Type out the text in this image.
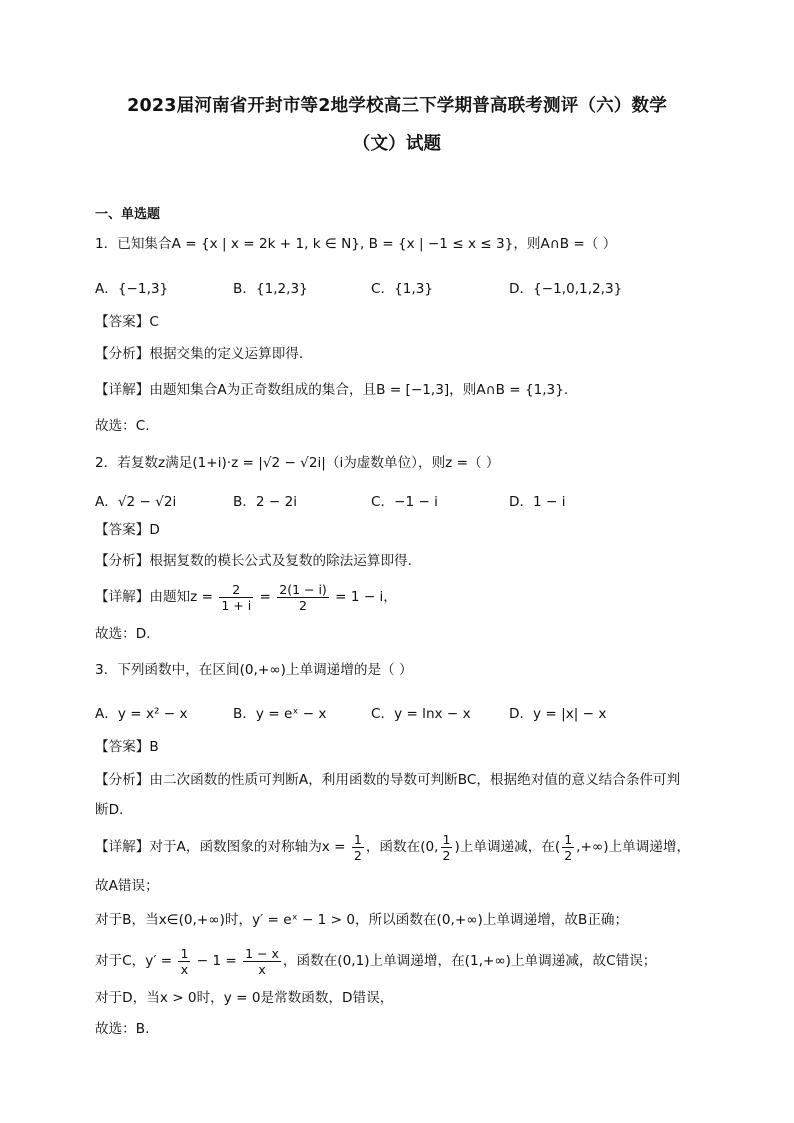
2023届河南省开封市等2地学校高三下学期普高联考测评（六）数学
（文）试题
一、单选题
1．已知集合A = {x | x = 2k + 1, k ∈ N}, B = {x | −1 ≤ x ≤ 3}，则A∩B =（ ）
A．{−1,3}	B．{1,2,3}	C．{1,3}	D．{−1,0,1,2,3}
【答案】C
【分析】根据交集的定义运算即得.
【详解】由题知集合A为正奇数组成的集合，且B = [−1,3]，则A∩B = {1,3}.
故选：C.
2．若复数z满足(1+i)·z = |√2 − √2i|（i为虚数单位），则z =（ ）
A．√2 − √2i	B．2 − 2i	C．−1 − i	D．1 − i
【答案】D
【分析】根据复数的模长公式及复数的除法运算即得.
【详解】由题知$z = \frac{2}{1 + i} = \frac{2(1 - i)}{2} = 1 - i$，
故选：D.
3．下列函数中，在区间(0,+∞)上单调递增的是（ ）
A．y = x² − x	B．y = eˣ − x	C．y = lnx − x	D．y = |x| − x
【答案】B
【分析】由二次函数的性质可判断A，利用函数的导数可判断BC，根据绝对值的意义结合条件可判
断D.
【详解】对于A，函数图象的对称轴为$x = \frac{1}{2}$ ，函数在(0, $\frac{1}{2}$ )上单调递减，在( $\frac{1}{2}$ ,+∞)上单调递增，
故A错误；
对于B，当x∈(0,+∞)时，y′ = eˣ − 1 > 0，所以函数在(0,+∞)上单调递增，故B正确；
对于C，$y' = \frac{1}{x} - 1 = \frac{1 - x}{x}$ ，函数在(0,1)上单调递增，在(1,+∞)上单调递减，故C错误；
对于D，当x > 0时，y = 0是常数函数，D错误，
故选：B.
